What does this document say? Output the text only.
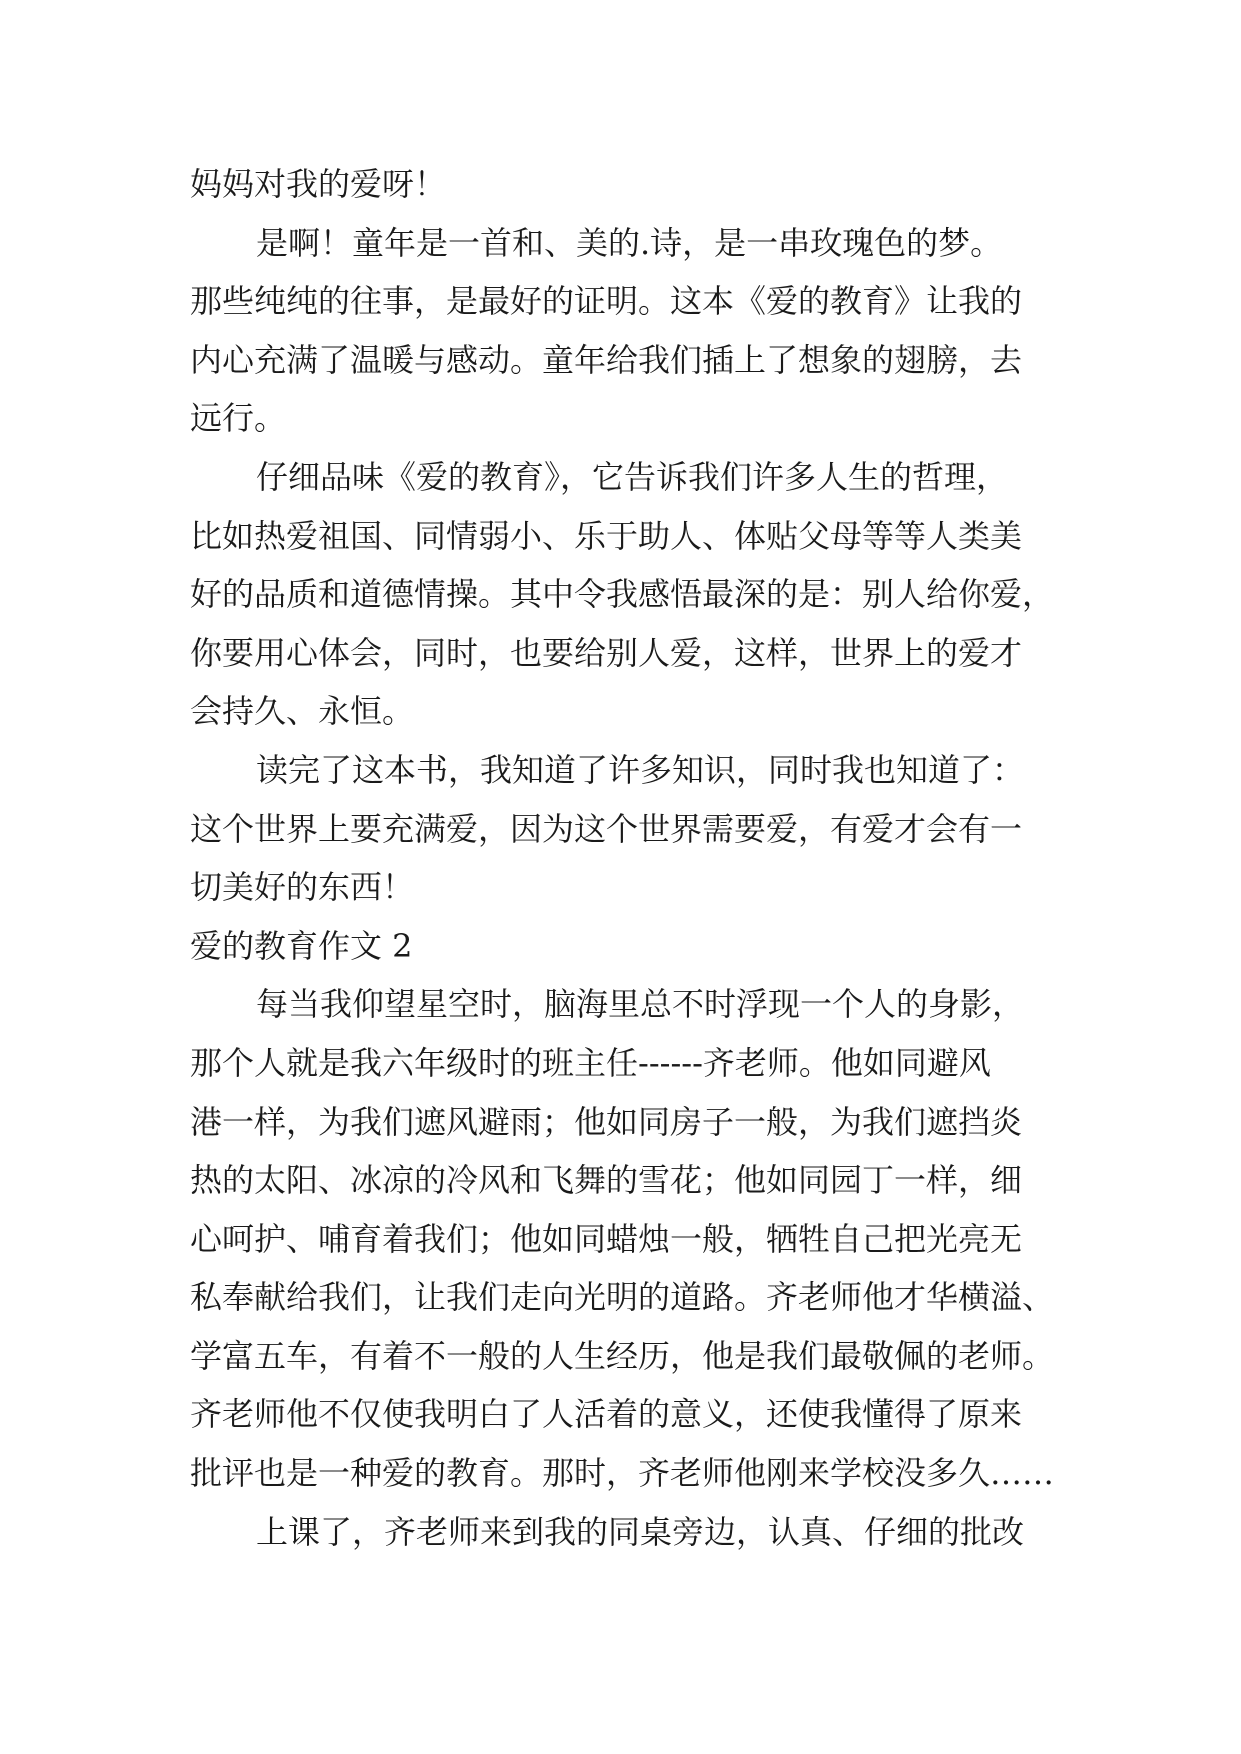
妈妈对我的爱呀！
是啊！童年是一首和、美的.诗，是一串玫瑰色的梦。
那些纯纯的往事，是最好的证明。这本《爱的教育》让我的
内心充满了温暖与感动。童年给我们插上了想象的翅膀，去
远行。
仔细品味《爱的教育》，它告诉我们许多人生的哲理，
比如热爱祖国、同情弱小、乐于助人、体贴父母等等人类美
好的品质和道德情操。其中令我感悟最深的是：别人给你爱，
你要用心体会，同时，也要给别人爱，这样，世界上的爱才
会持久、永恒。
读完了这本书，我知道了许多知识，同时我也知道了：
这个世界上要充满爱，因为这个世界需要爱，有爱才会有一
切美好的东西！
爱的教育作文 2
每当我仰望星空时，脑海里总不时浮现一个人的身影，
那个人就是我六年级时的班主任------齐老师。他如同避风
港一样，为我们遮风避雨；他如同房子一般，为我们遮挡炎
热的太阳、冰凉的冷风和飞舞的雪花；他如同园丁一样，细
心呵护、哺育着我们；他如同蜡烛一般，牺牲自己把光亮无
私奉献给我们，让我们走向光明的道路。齐老师他才华横溢、
学富五车，有着不一般的人生经历，他是我们最敬佩的老师。
齐老师他不仅使我明白了人活着的意义，还使我懂得了原来
批评也是一种爱的教育。那时，齐老师他刚来学校没多久……
上课了，齐老师来到我的同桌旁边，认真、仔细的批改
